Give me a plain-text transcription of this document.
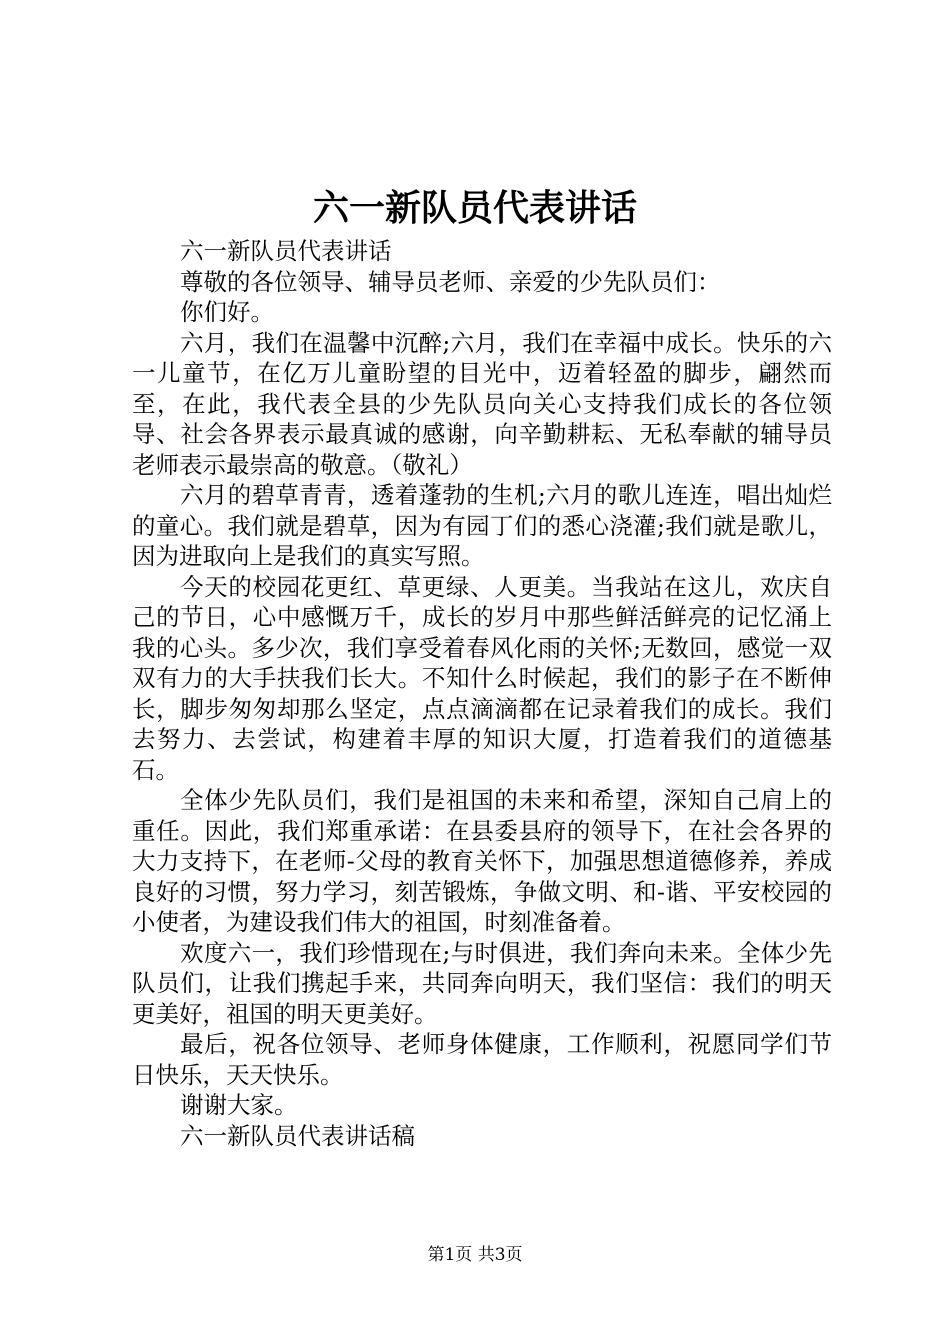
六一新队员代表讲话

六一新队员代表讲话

尊敬的各位领导、辅导员老师、亲爱的少先队员们：

你们好。

六月，我们在温馨中沉醉;六月，我们在幸福中成长。快乐的六一儿童节，在亿万儿童盼望的目光中，迈着轻盈的脚步，翩然而至，在此，我代表全县的少先队员向关心支持我们成长的各位领导、社会各界表示最真诚的感谢，向辛勤耕耘、无私奉献的辅导员老师表示最崇高的敬意。（敬礼）

六月的碧草青青，透着蓬勃的生机;六月的歌儿连连，唱出灿烂的童心。我们就是碧草，因为有园丁们的悉心浇灌;我们就是歌儿，因为进取向上是我们的真实写照。

今天的校园花更红、草更绿、人更美。当我站在这儿，欢庆自己的节日，心中感慨万千，成长的岁月中那些鲜活鲜亮的记忆涌上我的心头。多少次，我们享受着春风化雨的关怀;无数回，感觉一双双有力的大手扶我们长大。不知什么时候起，我们的影子在不断伸长，脚步匆匆却那么坚定，点点滴滴都在记录着我们的成长。我们去努力、去尝试，构建着丰厚的知识大厦，打造着我们的道德基石。

全体少先队员们，我们是祖国的未来和希望，深知自己肩上的重任。因此，我们郑重承诺：在县委县府的领导下，在社会各界的大力支持下，在老师-父母的教育关怀下，加强思想道德修养，养成良好的习惯，努力学习，刻苦锻炼，争做文明、和-谐、平安校园的小使者，为建设我们伟大的祖国，时刻准备着。

欢度六一，我们珍惜现在;与时俱进，我们奔向未来。全体少先队员们，让我们携起手来，共同奔向明天，我们坚信：我们的明天更美好，祖国的明天更美好。

最后，祝各位领导、老师身体健康，工作顺利，祝愿同学们节日快乐，天天快乐。

谢谢大家。

六一新队员代表讲话稿

第1页 共3页
